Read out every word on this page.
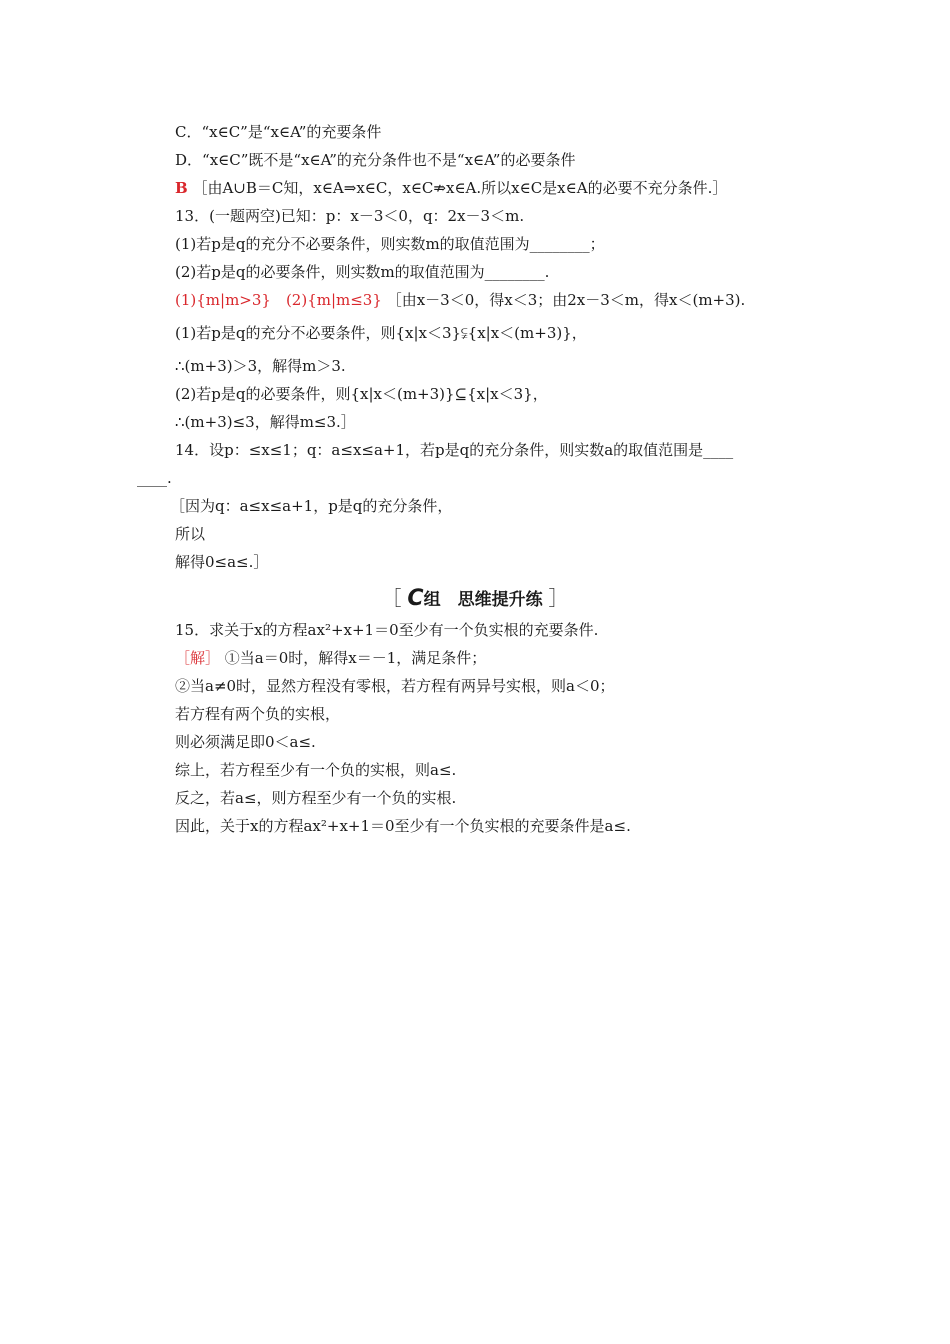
C．“x∈C”是“x∈A”的充要条件
D．“x∈C”既不是“x∈A”的充分条件也不是“x∈A”的必要条件
B ［由A∪B＝C知，x∈A⇒x∈C，x∈C⇏x∈A.所以x∈C是x∈A的必要不充分条件.］
13．(一题两空)已知：p：x－3＜0，q：2x－3＜m.
(1)若p是q的充分不必要条件，则实数m的取值范围为________；
(2)若p是q的必要条件，则实数m的取值范围为________.
(1){m|m>3}　(2){m|m≤3} ［由x－3＜0，得x＜3；由2x－3＜m，得x＜(m+3).
(1)若p是q的充分不必要条件，则{x|x＜3}⫋{x|x＜(m+3)}，
∴(m+3)＞3，解得m＞3.
(2)若p是q的必要条件，则{x|x＜(m+3)}⊆{x|x＜3}，
∴(m+3)≤3，解得m≤3.］
14．设p：≤x≤1；q：a≤x≤a+1，若p是q的充分条件，则实数a的取值范围是____
____.
［因为q：a≤x≤a+1，p是q的充分条件，
所以
解得0≤a≤.］
［ C组　思维提升练 ］
15．求关于x的方程ax²+x+1＝0至少有一个负实根的充要条件.
［解］ ①当a＝0时，解得x＝－1，满足条件；
②当a≠0时，显然方程没有零根，若方程有两异号实根，则a＜0；
若方程有两个负的实根，
则必须满足即0＜a≤.
综上，若方程至少有一个负的实根，则a≤.
反之，若a≤，则方程至少有一个负的实根.
因此，关于x的方程ax²+x+1＝0至少有一个负实根的充要条件是a≤.
